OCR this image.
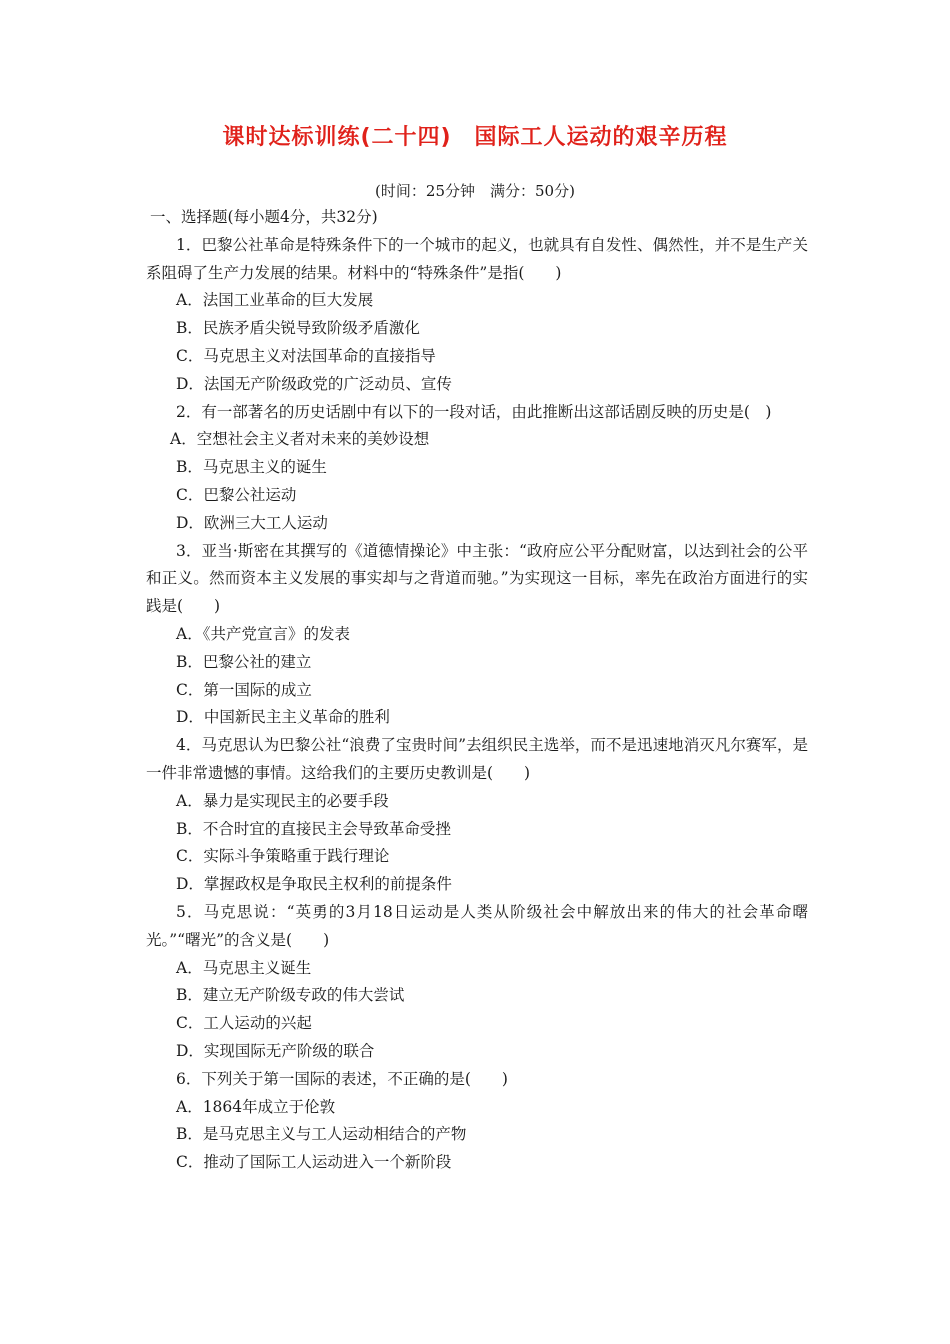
课时达标训练(二十四)　国际工人运动的艰辛历程
(时间：25分钟　满分：50分)
一、选择题(每小题4分，共32分)
1．巴黎公社革命是特殊条件下的一个城市的起义，也就具有自发性、偶然性，并不是生产关系阻碍了生产力发展的结果。材料中的“特殊条件”是指(　　)
A．法国工业革命的巨大发展
B．民族矛盾尖锐导致阶级矛盾激化
C．马克思主义对法国革命的直接指导
D．法国无产阶级政党的广泛动员、宣传
2．有一部著名的历史话剧中有以下的一段对话，由此推断出这部话剧反映的历史是(　)
A．空想社会主义者对未来的美妙设想
B．马克思主义的诞生
C．巴黎公社运动
D．欧洲三大工人运动
3．亚当·斯密在其撰写的《道德情操论》中主张：“政府应公平分配财富，以达到社会的公平和正义。然而资本主义发展的事实却与之背道而驰。”为实现这一目标，率先在政治方面进行的实践是(　　)
A．《共产党宣言》的发表
B．巴黎公社的建立
C．第一国际的成立
D．中国新民主主义革命的胜利
4．马克思认为巴黎公社“浪费了宝贵时间”去组织民主选举，而不是迅速地消灭凡尔赛军，是一件非常遗憾的事情。这给我们的主要历史教训是(　　)
A．暴力是实现民主的必要手段
B．不合时宜的直接民主会导致革命受挫
C．实际斗争策略重于践行理论
D．掌握政权是争取民主权利的前提条件
5．马克思说：“英勇的3月18日运动是人类从阶级社会中解放出来的伟大的社会革命曙光。”“曙光”的含义是(　　)
A．马克思主义诞生
B．建立无产阶级专政的伟大尝试
C．工人运动的兴起
D．实现国际无产阶级的联合
6．下列关于第一国际的表述，不正确的是(　　)
A．1864年成立于伦敦
B．是马克思主义与工人运动相结合的产物
C．推动了国际工人运动进入一个新阶段
